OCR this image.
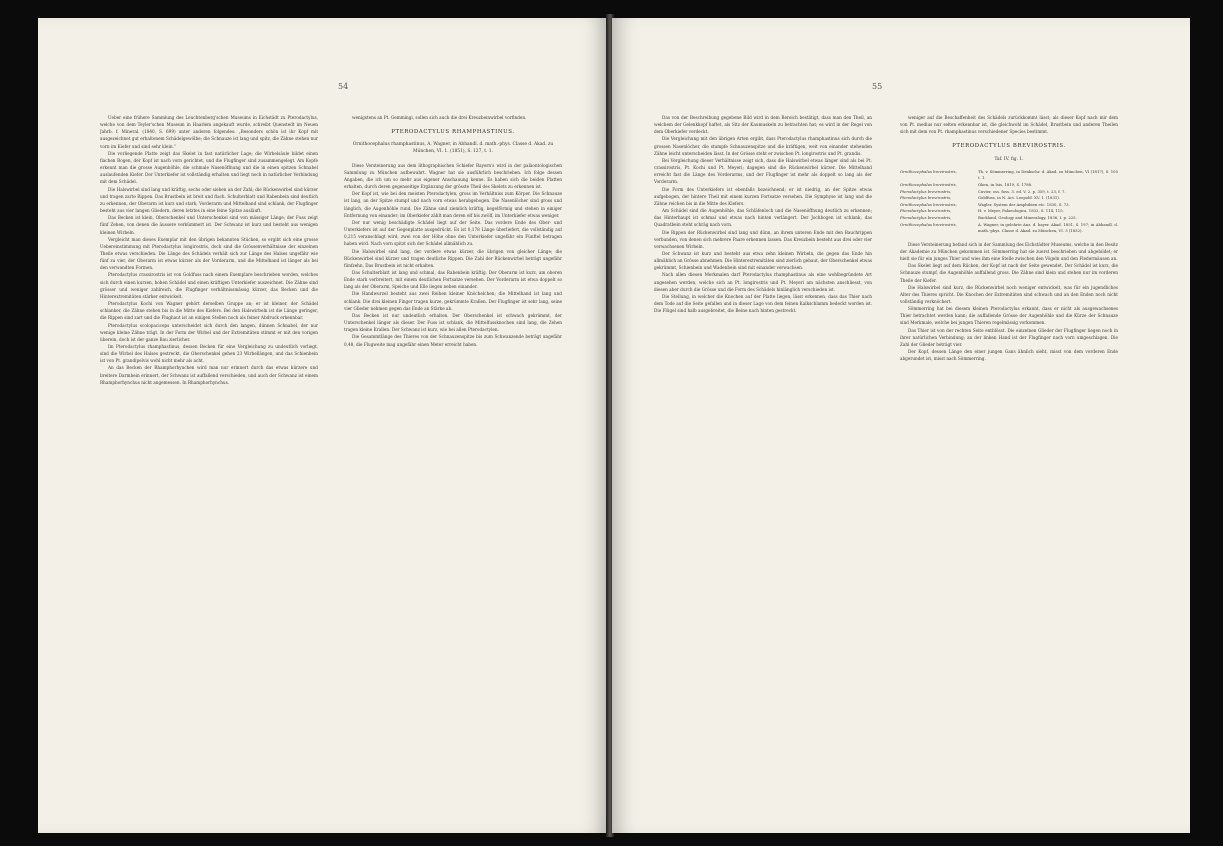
54

Ueber eine frühere Sammlung des Leuchtenberg'schen Museums in Eichstädt zu Pterodactylus, welche von dem Teyler'schen Museum in Haarlem angekauft wurde, schreibt Quenstedt im Neuen Jahrb. f. Mineral. (1840, S. 699) unter anderen folgendes: „Besonders schön ist ihr Kopf mit ausgezeichnet gut erhaltenem Schädelgewölbe; die Schnauze ist lang und spitz, die Zähne stehen nur vorn im Kiefer und sind sehr klein.“

Die vorliegende Platte zeigt das Skelet in fast natürlicher Lage; die Wirbelsäule bildet einen flachen Bogen, der Kopf ist nach vorn gerichtet, und die Flugfinger sind zusammengelegt. Am Kopfe erkennt man die grosse Augenhöhle, die schmale Nasenöffnung und die in einen spitzen Schnabel auslaufenden Kiefer. Der Unterkiefer ist vollständig erhalten und liegt noch in natürlicher Verbindung mit dem Schädel.

Die Halswirbel sind lang und kräftig, sechs oder sieben an der Zahl; die Rückenwirbel sind kürzer und tragen zarte Rippen. Das Brustbein ist breit und flach. Schulterblatt und Rabenbein sind deutlich zu erkennen, der Oberarm ist kurz und stark, Vorderarm und Mittelhand sind schlank, der Flugfinger besteht aus vier langen Gliedern, deren letztes in eine feine Spitze ausläuft.

Das Becken ist klein, Oberschenkel und Unterschenkel sind von mässiger Länge; der Fuss zeigt fünf Zehen, von denen die äussere verkümmert ist. Der Schwanz ist kurz und besteht aus wenigen kleinen Wirbeln.

Vergleicht man dieses Exemplar mit den übrigen bekannten Stücken, so ergibt sich eine grosse Uebereinstimmung mit Pterodactylus longirostris, doch sind die Grössenverhältnisse der einzelnen Theile etwas verschieden. Die Länge des Schädels verhält sich zur Länge des Halses ungefähr wie fünf zu vier, der Oberarm ist etwas kürzer als der Vorderarm, und die Mittelhand ist länger als bei den verwandten Formen.

Pterodactylus crassirostris ist von Goldfuss nach einem Exemplare beschrieben worden, welches sich durch einen kurzen, hohen Schädel und einen kräftigen Unterkiefer auszeichnet. Die Zähne sind grösser und weniger zahlreich, die Flugfinger verhältnissmässig kürzer, das Becken und die Hinterextremitäten stärker entwickelt.

Pterodactylus Kochi von Wagner gehört derselben Gruppe an; er ist kleiner, der Schädel schlanker, die Zähne stehen bis in die Mitte des Kiefers. Bei den Halswirbeln ist die Länge geringer, die Rippen sind zart und die Flughaut ist an einigen Stellen noch als feiner Abdruck erkennbar.

Pterodactylus scolopaciceps unterscheidet sich durch den langen, dünnen Schnabel, der nur wenige kleine Zähne trägt. In der Form der Wirbel und der Extremitäten stimmt er mit den vorigen überein, doch ist der ganze Bau zierlicher.

Im Pterodactylus rhamphastinus, dessen Becken für eine Vergleichung zu undeutlich vorliegt, sind die Wirbel des Halses gestreckt, die Oberschenkel gehen 23 Wirbellängen, und das Schienbein ist von Pt. grandipelvis wohl nicht mehr als acht.

An das Becken der Rhamphorhynchen wird man nur erinnert durch das etwas kürzere und breitere Darmbein erinnert, der Schwanz ist auffallend verschieden, und auch der Schwanz ist einem Rhamphorhynchus nicht angemessen. In Rhamphorhynchus.

wenigstens an Pt. Gemmingi, sollen sich auch die drei Kreuzbeinwirbel vorfinden.

PTERODACTYLUS RHAMPHASTINUS.
Ornithocephalus rhamphastinus, A. Wagner, in Abhandl. d. math.-phys. Classe d. Akad. zu München, VI. 1. (1851), S. 127, t. 1.

Diese Versteinerung aus dem lithographischen Schiefer Bayern's wird in der paläontologischen Sammlung zu München aufbewahrt. Wagner hat sie ausführlich beschrieben. Ich folge dessen Angaben, die ich um so mehr aus eigener Anschauung kenne. Es haben sich die beiden Platten erhalten, durch deren gegenseitige Ergänzung der grösste Theil des Skelets zu erkennen ist.

Der Kopf ist, wie bei den meisten Pterodactylen, gross im Verhältniss zum Körper. Die Schnauze ist lang, an der Spitze stumpf und nach vorn etwas herabgebogen. Die Nasenlöcher sind gross und länglich, die Augenhöhle rund. Die Zähne sind ziemlich kräftig, kegelförmig und stehen in einiger Entfernung von einander; im Oberkiefer zählt man deren elf bis zwölf, im Unterkiefer etwas weniger.

Der nur wenig beschädigte Schädel liegt auf der Seite. Das vordere Ende des Ober- und Unterkiefers ist auf der Gegenplatte ausgedrückt. Es ist 0,178 Länge überliefert, die vollständig auf 0,215 veranschlagt wird, zwei von der Höhe ohne den Unterkiefer ungefähr ein Fünftel betragen haben wird. Nach vorn spitzt sich der Schädel allmählich zu.

Die Halswirbel sind lang, der vordere etwas kürzer, die übrigen von gleicher Länge; die Rückenwirbel sind kürzer und tragen deutliche Rippen. Die Zahl der Rückenwirbel beträgt ungefähr fünfzehn. Das Brustbein ist nicht erhalten.

Das Schulterblatt ist lang und schmal, das Rabenbein kräftig. Der Oberarm ist kurz, am oberen Ende stark verbreitert, mit einem deutlichen Fortsatze versehen. Der Vorderarm ist etwa doppelt so lang als der Oberarm, Speiche und Elle liegen neben einander.

Die Handwurzel besteht aus zwei Reihen kleiner Knöchelchen; die Mittelhand ist lang und schlank. Die drei kleinen Finger tragen kurze, gekrümmte Krallen. Der Flugfinger ist sehr lang, seine vier Glieder nehmen gegen das Ende an Stärke ab.

Das Becken ist nur undeutlich erhalten. Der Oberschenkel ist schwach gekrümmt, der Unterschenkel länger als dieser. Der Fuss ist schlank, die Mittelfussknochen sind lang, die Zehen tragen kleine Krallen. Der Schwanz ist kurz, wie bei allen Pterodactylen.

Die Gesammtlänge des Thieres von der Schnauzenspitze bis zum Schwanzende beträgt ungefähr 0,48, die Flugweite mag ungefähr einen Meter erreicht haben.

55

Das von der Beschreibung gegebene Bild wird in dem Bereich bestätigt, dass man den Theil, an welchem der Gelenkkopf haftet, als Sitz der Kaumuskeln zu betrachten hat; es wird in der Regel von dem Oberkiefer verdeckt.

Die Vergleichung mit den übrigen Arten ergibt, dass Pterodactylus rhamphastinus sich durch die grossen Nasenlöcher, die stumpfe Schnauzenspitze und die kräftigen, weit von einander stehenden Zähne leicht unterscheiden lässt. In der Grösse steht er zwischen Pt. longirostris und Pt. grandis.

Bei Vergleichung dieser Verhältnisse zeigt sich, dass die Halswirbel etwas länger sind als bei Pt. crassirostris, Pt. Kochi und Pt. Meyeri; dagegen sind die Rückenwirbel kürzer. Die Mittelhand erreicht fast die Länge des Vorderarms, und der Flugfinger ist mehr als doppelt so lang als der Vorderarm.

Die Form des Unterkiefers ist ebenfalls bezeichnend; er ist niedrig, an der Spitze etwas aufgebogen, der hintere Theil mit einem kurzen Fortsatze versehen. Die Symphyse ist lang und die Zähne reichen bis in die Mitte des Kiefers.

Am Schädel sind die Augenhöhle, das Schläfenloch und die Nasenöffnung deutlich zu erkennen; das Hinterhaupt ist schmal und etwas nach hinten verlängert. Der Jochbogen ist schlank, das Quadratbein steht schräg nach vorn.

Die Rippen der Rückenwirbel sind lang und dünn, an ihrem unteren Ende mit den Bauchrippen verbunden, von denen sich mehrere Paare erkennen lassen. Das Kreuzbein besteht aus drei oder vier verwachsenen Wirbeln.

Der Schwanz ist kurz und besteht aus etwa zehn kleinen Wirbeln, die gegen das Ende hin allmählich an Grösse abnehmen. Die Hinterextremitäten sind zierlich gebaut, der Oberschenkel etwas gekrümmt, Schienbein und Wadenbein sind mit einander verwachsen.

Nach allen diesen Merkmalen darf Pterodactylus rhamphastinus als eine wohlbegründete Art angesehen werden, welche sich an Pt. longirostris und Pt. Meyeri am nächsten anschliesst, von diesen aber durch die Grösse und die Form des Schädels hinlänglich verschieden ist.

Die Stellung, in welcher die Knochen auf der Platte liegen, lässt erkennen, dass das Thier nach dem Tode auf die Seite gefallen und in dieser Lage von dem feinen Kalkschlamm bedeckt worden ist. Die Flügel sind halb ausgebreitet, die Beine nach hinten gestreckt.

weniger auf die Beschaffenheit des Schädels zurückkommt lässt; als dieser Kopf nach mir dem von Pt. medius nur selten erkennbar ist, die gleichwohl im Schädel, Brustbein und anderen Theilen sich mit dem von Pt. rhamphastinus verschiedener Species bestimmt.

PTERODACTYLUS BREVIROSTRIS.
Taf. IV. fig. 1.
Ornithocephalus brevirostris,	Th. v. Sömmerring, in Denkschr. d. Akad. zu München, VI (1817), S. 105 t. 1.
Ornithocephalus brevirostris,	Oken, in Isis, 1819, S. 1788.
Pterodactylus brevirostris,	Cuvier, oss. foss. 3. ed. V. 2. p. 359, t. 23, f. 7.
Pterodactylus brevirostris,	Goldfuss, in N. Act. Leopold. XV. 1. (1831).
Ornithocephalus brevirostris,	Wagler, System der Amphibien etc. 1830, S. 73.
Pterodactylus brevirostris,	H. v. Meyer, Palaeologica, 1832, S. 114, 115.
Pterodactylus brevirostris,	Buckland, Geology and Mineralogy, 1836, I. p. 225.
Ornithocephalus brevirostris,	A. Wagner, in gelehrte Anz. d. bayer. Akad. 1851, S. 197; in Abhandl. d. math.-phys. Classe d. Akad. zu München, VI. 3 (1852).

Diese Versteinerung befand sich in der Sammlung des Eichstädter Museums, welche in den Besitz der Akademie zu München gekommen ist. Sömmerring hat sie zuerst beschrieben und abgebildet; er hielt sie für ein junges Thier und wies ihm eine Stelle zwischen den Vögeln und den Fledermäusen an.

Das Skelet liegt auf dem Rücken, der Kopf ist nach der Seite gewendet. Der Schädel ist kurz, die Schnauze stumpf, die Augenhöhle auffallend gross. Die Zähne sind klein und stehen nur im vorderen Theile der Kiefer.

Die Halswirbel sind kurz, die Rückenwirbel noch weniger entwickelt, was für ein jugendliches Alter des Thieres spricht. Die Knochen der Extremitäten sind schwach und an den Enden noch nicht vollständig verknöchert.

Sömmerring hat bei diesem kleinen Pterodactylus erkannt, dass er nicht als ausgewachsenes Thier betrachtet werden kann; die auffallende Grösse der Augenhöhle und die Kürze der Schnauze sind Merkmale, welche bei jungen Thieren regelmässig vorkommen.

Das Thier ist von der rechten Seite entblösst. Die einzelnen Glieder der Flugfinger liegen noch in ihrer natürlichen Verbindung; an der linken Hand ist der Flugfinger nach vorn umgeschlagen. Die Zahl der Glieder beträgt vier.

Der Kopf, dessen Länge den einer jungen Gans ähnlich sieht, misst von dem vorderen Ende abgerundet ist, misst nach Sömmerring.
